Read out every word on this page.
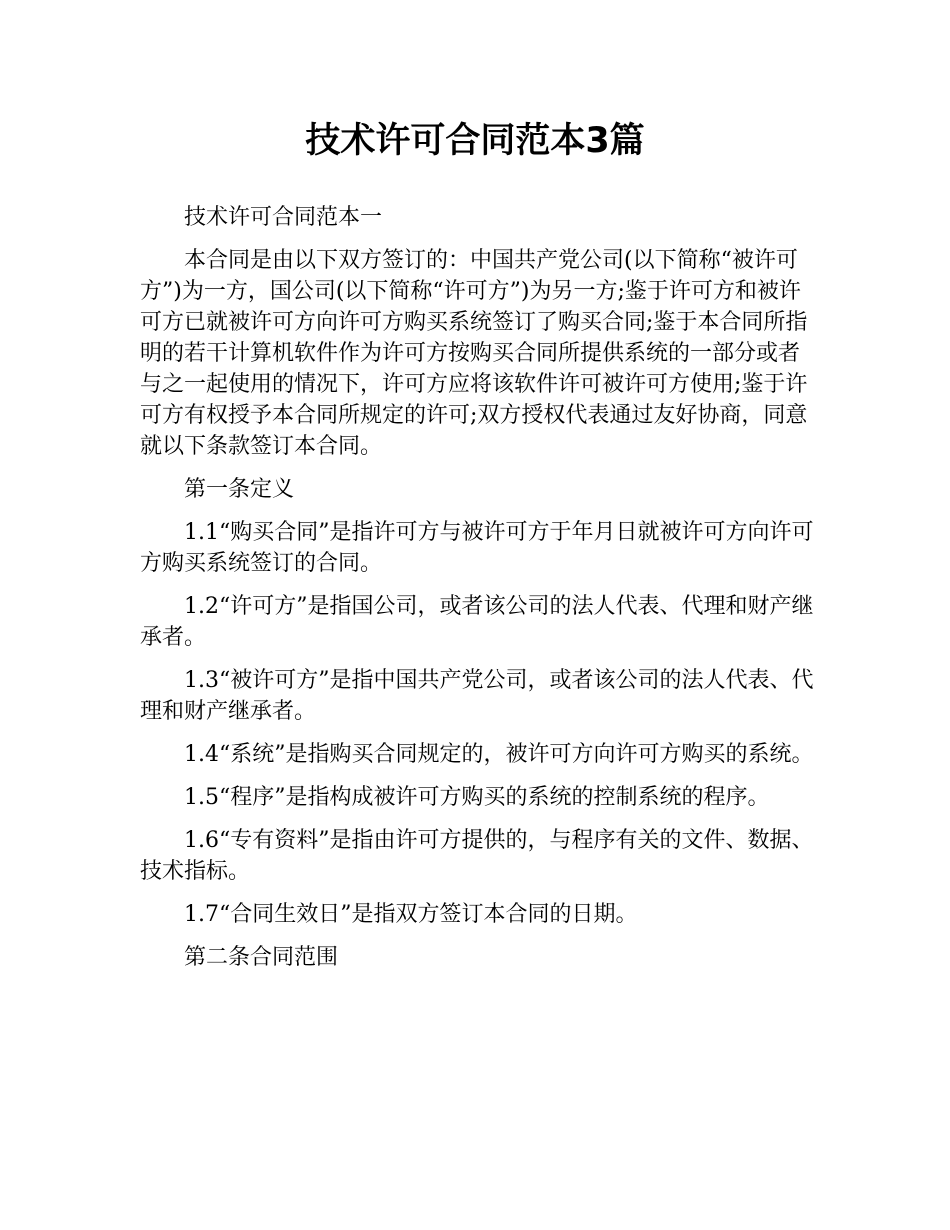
技术许可合同范本3篇

技术许可合同范本一

本合同是由以下双方签订的：中国共产党公司(以下简称“被许可方”)为一方，国公司(以下简称“许可方”)为另一方;鉴于许可方和被许可方已就被许可方向许可方购买系统签订了购买合同;鉴于本合同所指明的若干计算机软件作为许可方按购买合同所提供系统的一部分或者与之一起使用的情况下，许可方应将该软件许可被许可方使用;鉴于许可方有权授予本合同所规定的许可;双方授权代表通过友好协商，同意就以下条款签订本合同。

第一条定义

1.1“购买合同”是指许可方与被许可方于年月日就被许可方向许可方购买系统签订的合同。

1.2“许可方”是指国公司，或者该公司的法人代表、代理和财产继承者。

1.3“被许可方”是指中国共产党公司，或者该公司的法人代表、代理和财产继承者。

1.4“系统”是指购买合同规定的，被许可方向许可方购买的系统。

1.5“程序”是指构成被许可方购买的系统的控制系统的程序。

1.6“专有资料”是指由许可方提供的，与程序有关的文件、数据、技术指标。

1.7“合同生效日”是指双方签订本合同的日期。

第二条合同范围
